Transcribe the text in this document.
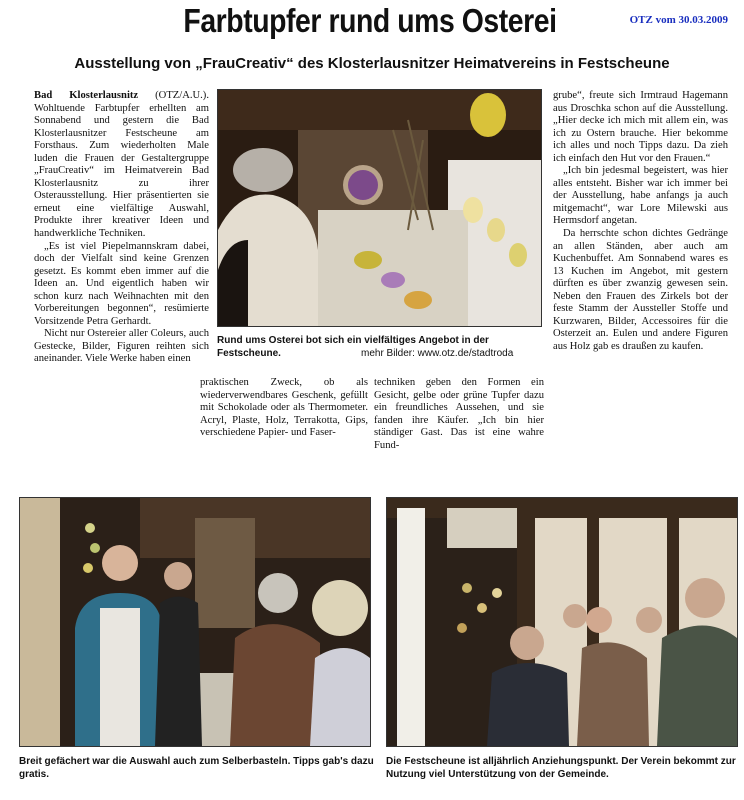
Farbtupfer rund ums Osterei	OTZ vom 30.03.2009
Ausstellung von „FrauCreativ“ des Klosterlausnitzer Heimatvereins in Festscheune

Bad Klosterlausnitz (OTZ/A.U.). Wohltuende Farbtupfer erhellten am Sonnabend und gestern die Bad Klosterlausnitzer Festscheune am Forsthaus. Zum wiederholten Male luden die Frauen der Gestaltergruppe „FrauCreativ“ im Heimatverein Bad Klosterlausnitz zu ihrer Osterausstellung. Hier präsentierten sie erneut eine vielfältige Auswahl, Produkte ihrer kreativer Ideen und handwerkliche Techniken.

„Es ist viel Piepelmannskram dabei, doch der Vielfalt sind keine Grenzen gesetzt. Es kommt eben immer auf die Ideen an. Und eigentlich haben wir schon kurz nach Weihnachten mit den Vorbereitungen begonnen“, resümierte Vorsitzende Petra Gerhardt.

Nicht nur Ostereier aller Coleurs, auch Gestecke, Bilder, Figuren reihten sich aneinander. Viele Werke haben einen

Rund ums Osterei bot sich ein vielfältiges Angebot in der Festscheune.	mehr Bilder: www.otz.de/stadtroda

praktischen Zweck, ob als wiederverwendbares Geschenk, gefüllt mit Schokolade oder als Thermometer. Acryl, Plaste, Holz, Terrakotta, Gips, verschiedene Papier- und Faser-

techniken geben den Formen ein Gesicht, gelbe oder grüne Tupfer dazu ein freundliches Aussehen, und sie fanden ihre Käufer. „Ich bin hier ständiger Gast. Das ist eine wahre Fund-

grube“, freute sich Irmtraud Hagemann aus Droschka schon auf die Ausstellung. „Hier decke ich mich mit allem ein, was ich zu Ostern brauche. Hier bekomme ich alles und noch Tipps dazu. Da zieh ich einfach den Hut vor den Frauen.“

„Ich bin jedesmal begeistert, was hier alles entsteht. Bisher war ich immer bei der Ausstellung, habe anfangs ja auch mitgemacht“, war Lore Milewski aus Hermsdorf angetan.

Da herrschte schon dichtes Gedränge an allen Ständen, aber auch am Kuchenbuffet. Am Sonnabend wares es 13 Kuchen im Angebot, mit gestern dürften es über zwanzig gewesen sein. Neben den Frauen des Zirkels bot der feste Stamm der Aussteller Stoffe und Kurzwaren, Bilder, Accessoires für die Osterzeit an. Eulen und andere Figuren aus Holz gab es draußen zu kaufen.

Breit gefächert war die Auswahl auch zum Selberbasteln. Tipps gab's dazu gratis.
Die Festscheune ist alljährlich Anziehungspunkt. Der Verein bekommt zur Nutzung viel Unterstützung von der Gemeinde.
